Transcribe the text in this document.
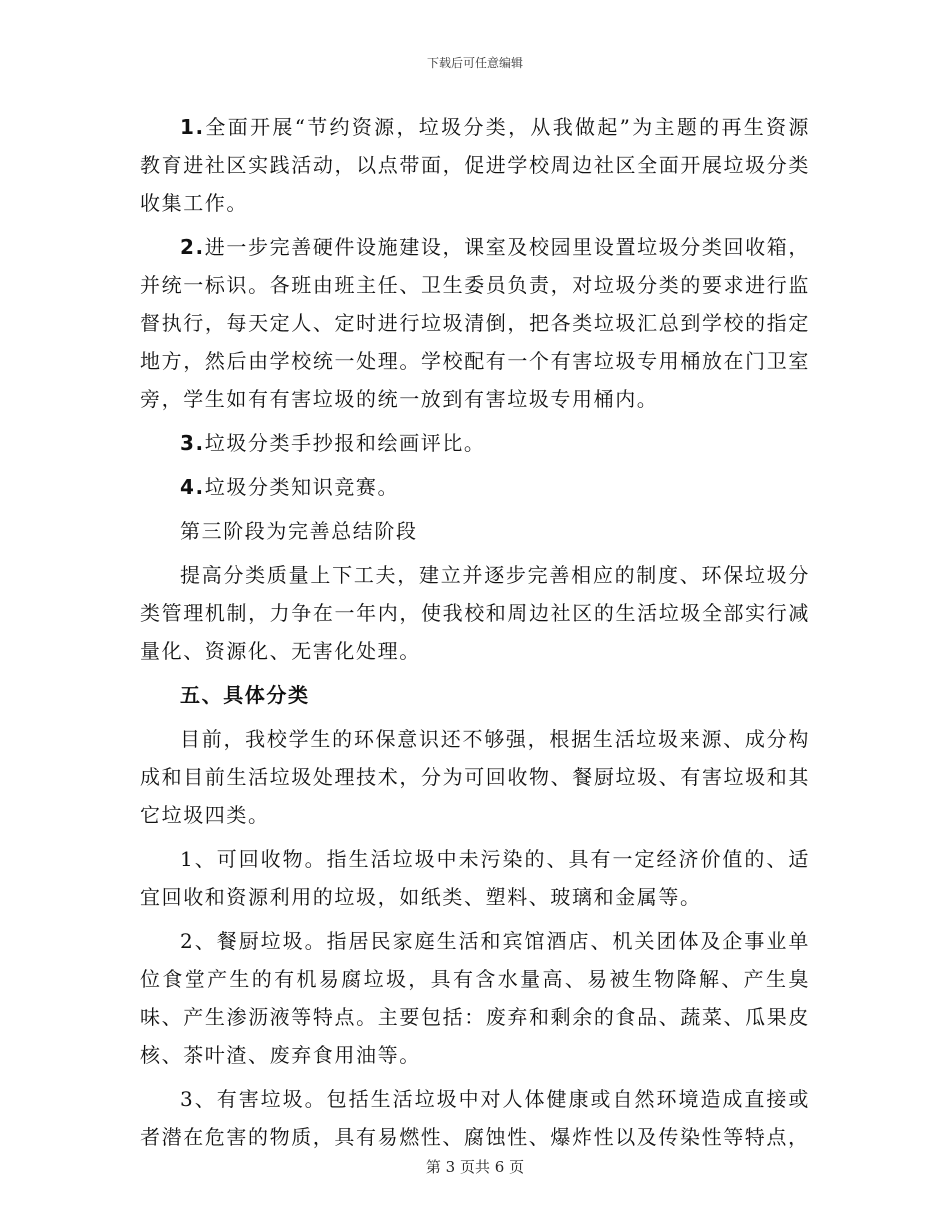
下载后可任意编辑

1.全面开展“节约资源，垃圾分类，从我做起”为主题的再生资源教育进社区实践活动，以点带面，促进学校周边社区全面开展垃圾分类收集工作。

2.进一步完善硬件设施建设，课室及校园里设置垃圾分类回收箱，并统一标识。各班由班主任、卫生委员负责，对垃圾分类的要求进行监督执行，每天定人、定时进行垃圾清倒，把各类垃圾汇总到学校的指定地方，然后由学校统一处理。学校配有一个有害垃圾专用桶放在门卫室旁，学生如有有害垃圾的统一放到有害垃圾专用桶内。

3.垃圾分类手抄报和绘画评比。

4.垃圾分类知识竞赛。

第三阶段为完善总结阶段

提高分类质量上下工夫，建立并逐步完善相应的制度、环保垃圾分类管理机制，力争在一年内，使我校和周边社区的生活垃圾全部实行减量化、资源化、无害化处理。

五、具体分类

目前，我校学生的环保意识还不够强，根据生活垃圾来源、成分构成和目前生活垃圾处理技术，分为可回收物、餐厨垃圾、有害垃圾和其它垃圾四类。

1、可回收物。指生活垃圾中未污染的、具有一定经济价值的、适宜回收和资源利用的垃圾，如纸类、塑料、玻璃和金属等。

2、餐厨垃圾。指居民家庭生活和宾馆酒店、机关团体及企事业单位食堂产生的有机易腐垃圾，具有含水量高、易被生物降解、产生臭味、产生渗沥液等特点。主要包括：废弃和剩余的食品、蔬菜、瓜果皮核、茶叶渣、废弃食用油等。

3、有害垃圾。包括生活垃圾中对人体健康或自然环境造成直接或者潜在危害的物质，具有易燃性、腐蚀性、爆炸性以及传染性等特点，

第 3 页共 6 页
